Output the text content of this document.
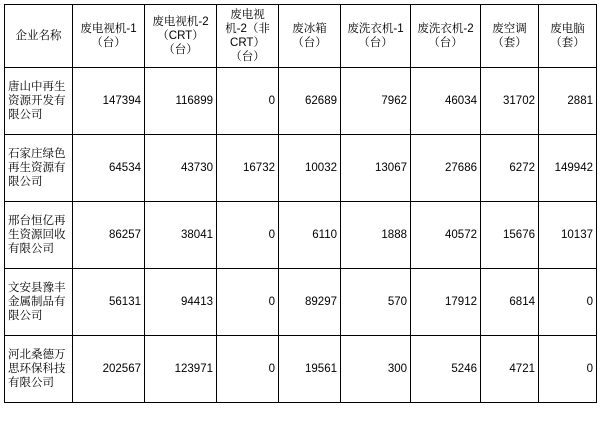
企业名称	废电视机-1（台）	废电视机-2（CRT）（台）	废电视机-2（非CRT）（台）	废冰箱（台）	废洗衣机-1（台）	废洗衣机-2（台）	废空调（套）	废电脑（套）
唐山中再生资源开发有限公司	147394	116899	0	62689	7962	46034	31702	2881
石家庄绿色再生资源有限公司	64534	43730	16732	10032	13067	27686	6272	149942
邢台恒亿再生资源回收有限公司	86257	38041	0	6110	1888	40572	15676	10137
文安县豫丰金属制品有限公司	56131	94413	0	89297	570	17912	6814	0
河北桑德万思环保科技有限公司	202567	123971	0	19561	300	5246	4721	0
